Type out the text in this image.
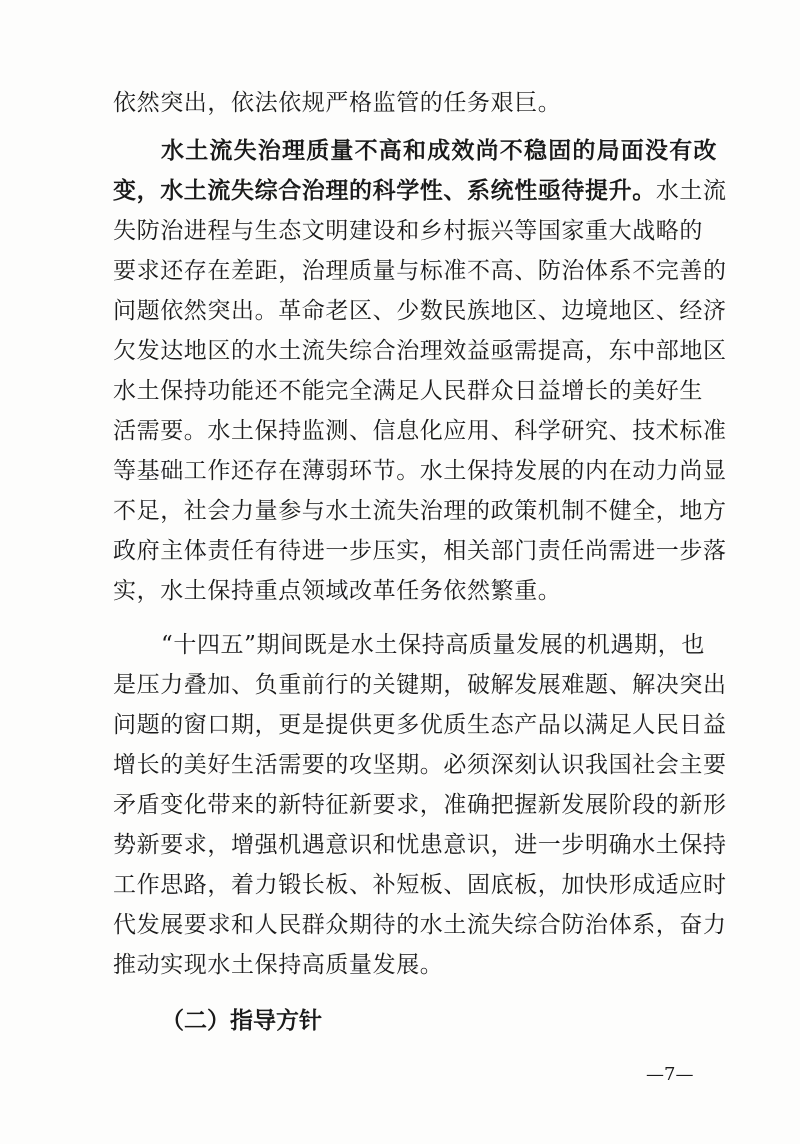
依然突出，依法依规严格监管的任务艰巨。
水土流失治理质量不高和成效尚不稳固的局面没有改
变，水土流失综合治理的科学性、系统性亟待提升。水土流
失防治进程与生态文明建设和乡村振兴等国家重大战略的
要求还存在差距，治理质量与标准不高、防治体系不完善的
问题依然突出。革命老区、少数民族地区、边境地区、经济
欠发达地区的水土流失综合治理效益亟需提高，东中部地区
水土保持功能还不能完全满足人民群众日益增长的美好生
活需要。水土保持监测、信息化应用、科学研究、技术标准
等基础工作还存在薄弱环节。水土保持发展的内在动力尚显
不足，社会力量参与水土流失治理的政策机制不健全，地方
政府主体责任有待进一步压实，相关部门责任尚需进一步落
实，水土保持重点领域改革任务依然繁重。
“十四五”期间既是水土保持高质量发展的机遇期，也
是压力叠加、负重前行的关键期，破解发展难题、解决突出
问题的窗口期，更是提供更多优质生态产品以满足人民日益
增长的美好生活需要的攻坚期。必须深刻认识我国社会主要
矛盾变化带来的新特征新要求，准确把握新发展阶段的新形
势新要求，增强机遇意识和忧患意识，进一步明确水土保持
工作思路，着力锻长板、补短板、固底板，加快形成适应时
代发展要求和人民群众期待的水土流失综合防治体系，奋力
推动实现水土保持高质量发展。
（二）指导方针
—7—
